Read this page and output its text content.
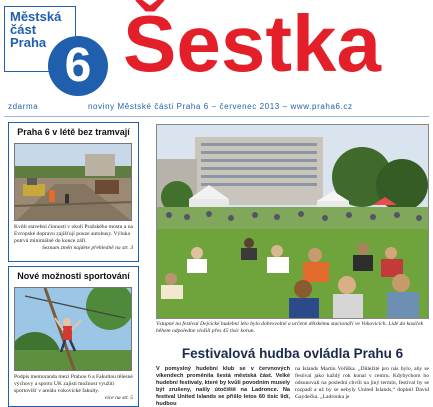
Městská
část
Praha 6 Šestka
zdarma	noviny Městské části Praha 6 – červenec 2013 – www.praha6.cz
Praha 6 v létě bez tramvají
Kvůli stavební činnosti v okolí Pražského mostu a na Evropské dopravu zajišťují pouze autobusy. Výluka potrvá minimálně do konce září.
Seznam změn najdete přehledně na str. 3
Nové možnosti sportování
Podpis memoranda mezi Prahou 6 a Fakultou tělesné výchovy a sportu UK zajistí možnost využití sportovišť v areálu vokovické fakulty.
více na str. 5
Vstupné na festival Dejvické hudební léto bylo dobrovolné a určené dětskému stacionáři ve Vokovicích. Lidé do kasiček během odpoledne vložili přes 45 tisíc korun.
Festivalová hudba ovládla Prahu 6
V pomyslný hudební klub se v červnových víkendech proměnila šestá městská část. Velké hudební festivaly, které by kvůli povodním musely být zrušeny, našly útočiště na Ladronce. Na festival United Islands se přišlo letos 60 tisíc lidí, hudbou
na Islands Martin Voříška. „Důležité pro nás bylo, aby se festival jako každý rok konal v centru. Kdybychom ho odsunovali na poslední chvíli na jiný termín, festival by se rozpadl a už by se nebyly United Islands,“ doplnil David Gaydečka. „Ladronka je
